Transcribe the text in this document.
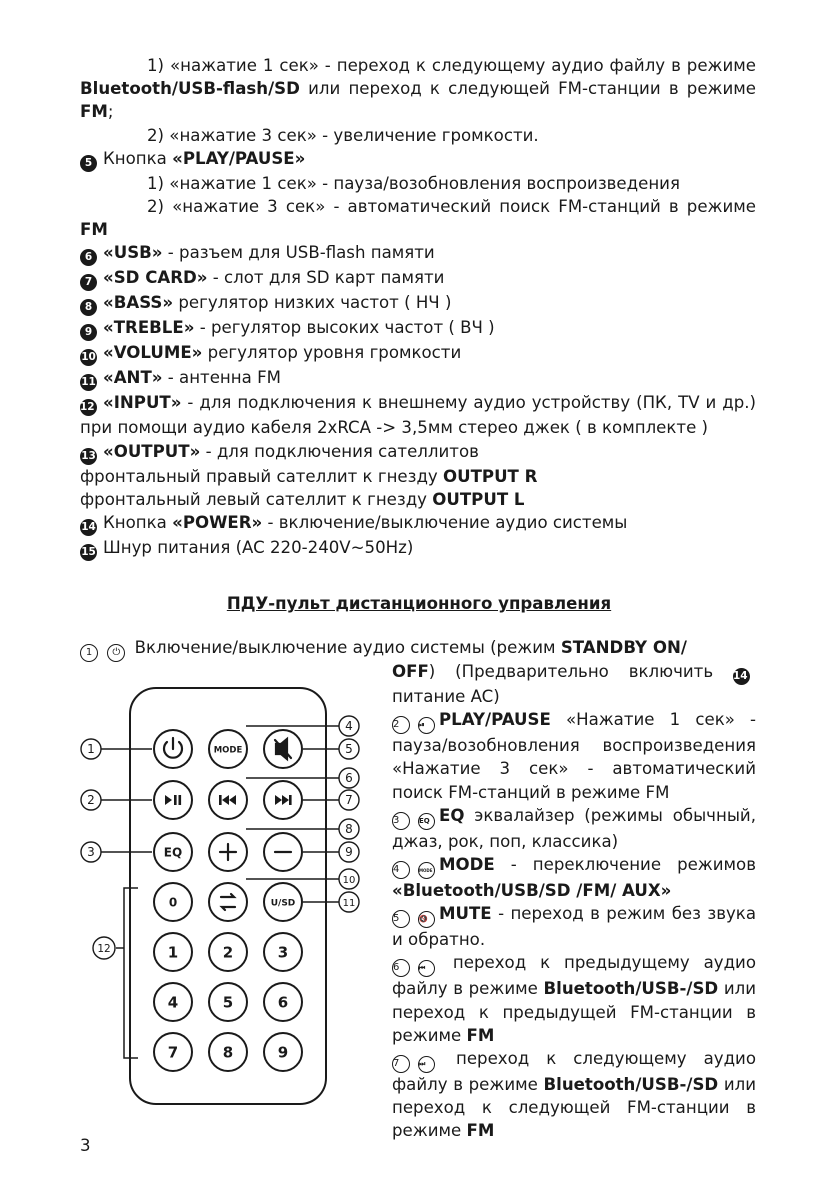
1) «нажатие 1 сек» - переход к следующему аудио файлу в режиме Bluetooth/USB-flash/SD или переход к следующей FM-станции в режиме FM;

2) «нажатие 3 сек» - увеличение громкости.

5 Кнопка «PLAY/PAUSE»

1) «нажатие 1 сек» - пауза/возобновления воспроизведения

2) «нажатие 3 сек» - автоматический поиск FM-станций в режиме FM

6 «USB» - разъем для USB-flash памяти

7 «SD CARD» - слот для SD карт памяти

8 «BASS» регулятор низких частот ( НЧ )

9 «TREBLE» - регулятор высоких частот ( ВЧ )

10 «VOLUME» регулятор уровня громкости

11 «ANT» - антенна FM

12 «INPUT» - для подключения к внешнему аудио устройству (ПК, TV и др.) при помощи аудио кабеля 2xRCA -> 3,5мм стерео джек ( в комплекте )

13 «OUTPUT» - для подключения сателлитов

фронтальный правый сателлит к гнезду OUTPUT R

фронтальный левый сателлит к гнезду OUTPUT L

14 Кнопка «POWER» - включение/выключение аудио системы

15 Шнур питания (AC 220-240V~50Hz)

ПДУ-пульт дистанционного управления
1 ⏻ Включение/выключение аудио системы (режим STANDBY ON/

OFF) (Предварительно включить 14 питание AC)

2	⏯ PLAY/PAUSE «Нажатие 1 сек» - пауза/возобновления воспроизведения «Нажатие 3 сек» - автоматический поиск FM-станций в режиме FM

3	EQ EQ эквалайзер (режимы обычный, джаз, рок, поп, классика)

4	MODE MODE - переключение режимов «Bluetooth/USB/SD /FM/ AUX»

5	🔇 MUTE - переход в режим без звука и обратно.

6	⏮ переход к предыдущему аудио файлу в режиме Bluetooth/USB-/SD или переход к предыдущей FM-станции в режиме FM

7	⏭ переход к следующему аудио файлу в режиме Bluetooth/USB-/SD или переход к следующей FM-станции в режиме FM

MODE
EQ
U/SD
0
1	2	3
4	5	6
7	8	9
1
2
3
4
5
6
7
8
9
10
11
12
3
